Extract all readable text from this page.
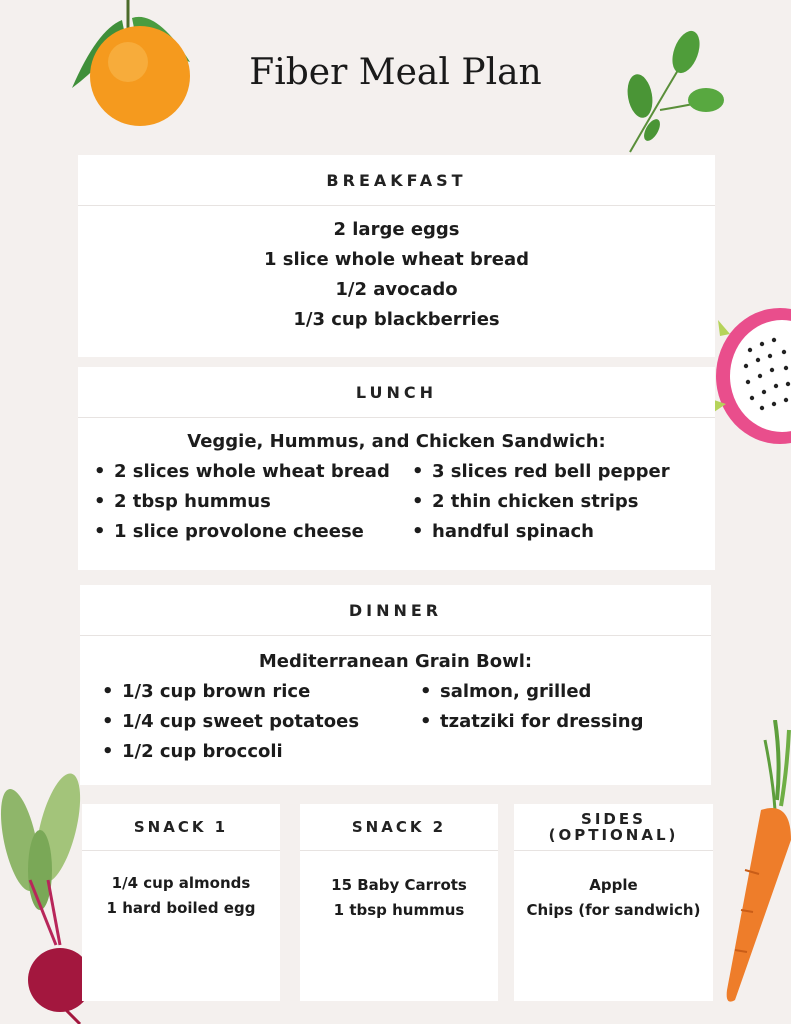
Fiber Meal Plan
BREAKFAST
2 large eggs
1 slice whole wheat bread
1/2 avocado
1/3 cup blackberries
LUNCH
Veggie, Hummus, and Chicken Sandwich:
• 2 slices whole wheat bread
• 2 tbsp hummus
• 1 slice provolone cheese
• 3 slices red bell pepper
• 2 thin chicken strips
• handful spinach
DINNER
Mediterranean Grain Bowl:
• 1/3 cup brown rice
• 1/4 cup sweet potatoes
• 1/2 cup broccoli
• salmon, grilled
• tzatziki for dressing
SNACK 1
1/4 cup almonds
1 hard boiled egg
SNACK 2
15 Baby Carrots
1 tbsp hummus
SIDES
(OPTIONAL)
Apple
Chips (for sandwich)
